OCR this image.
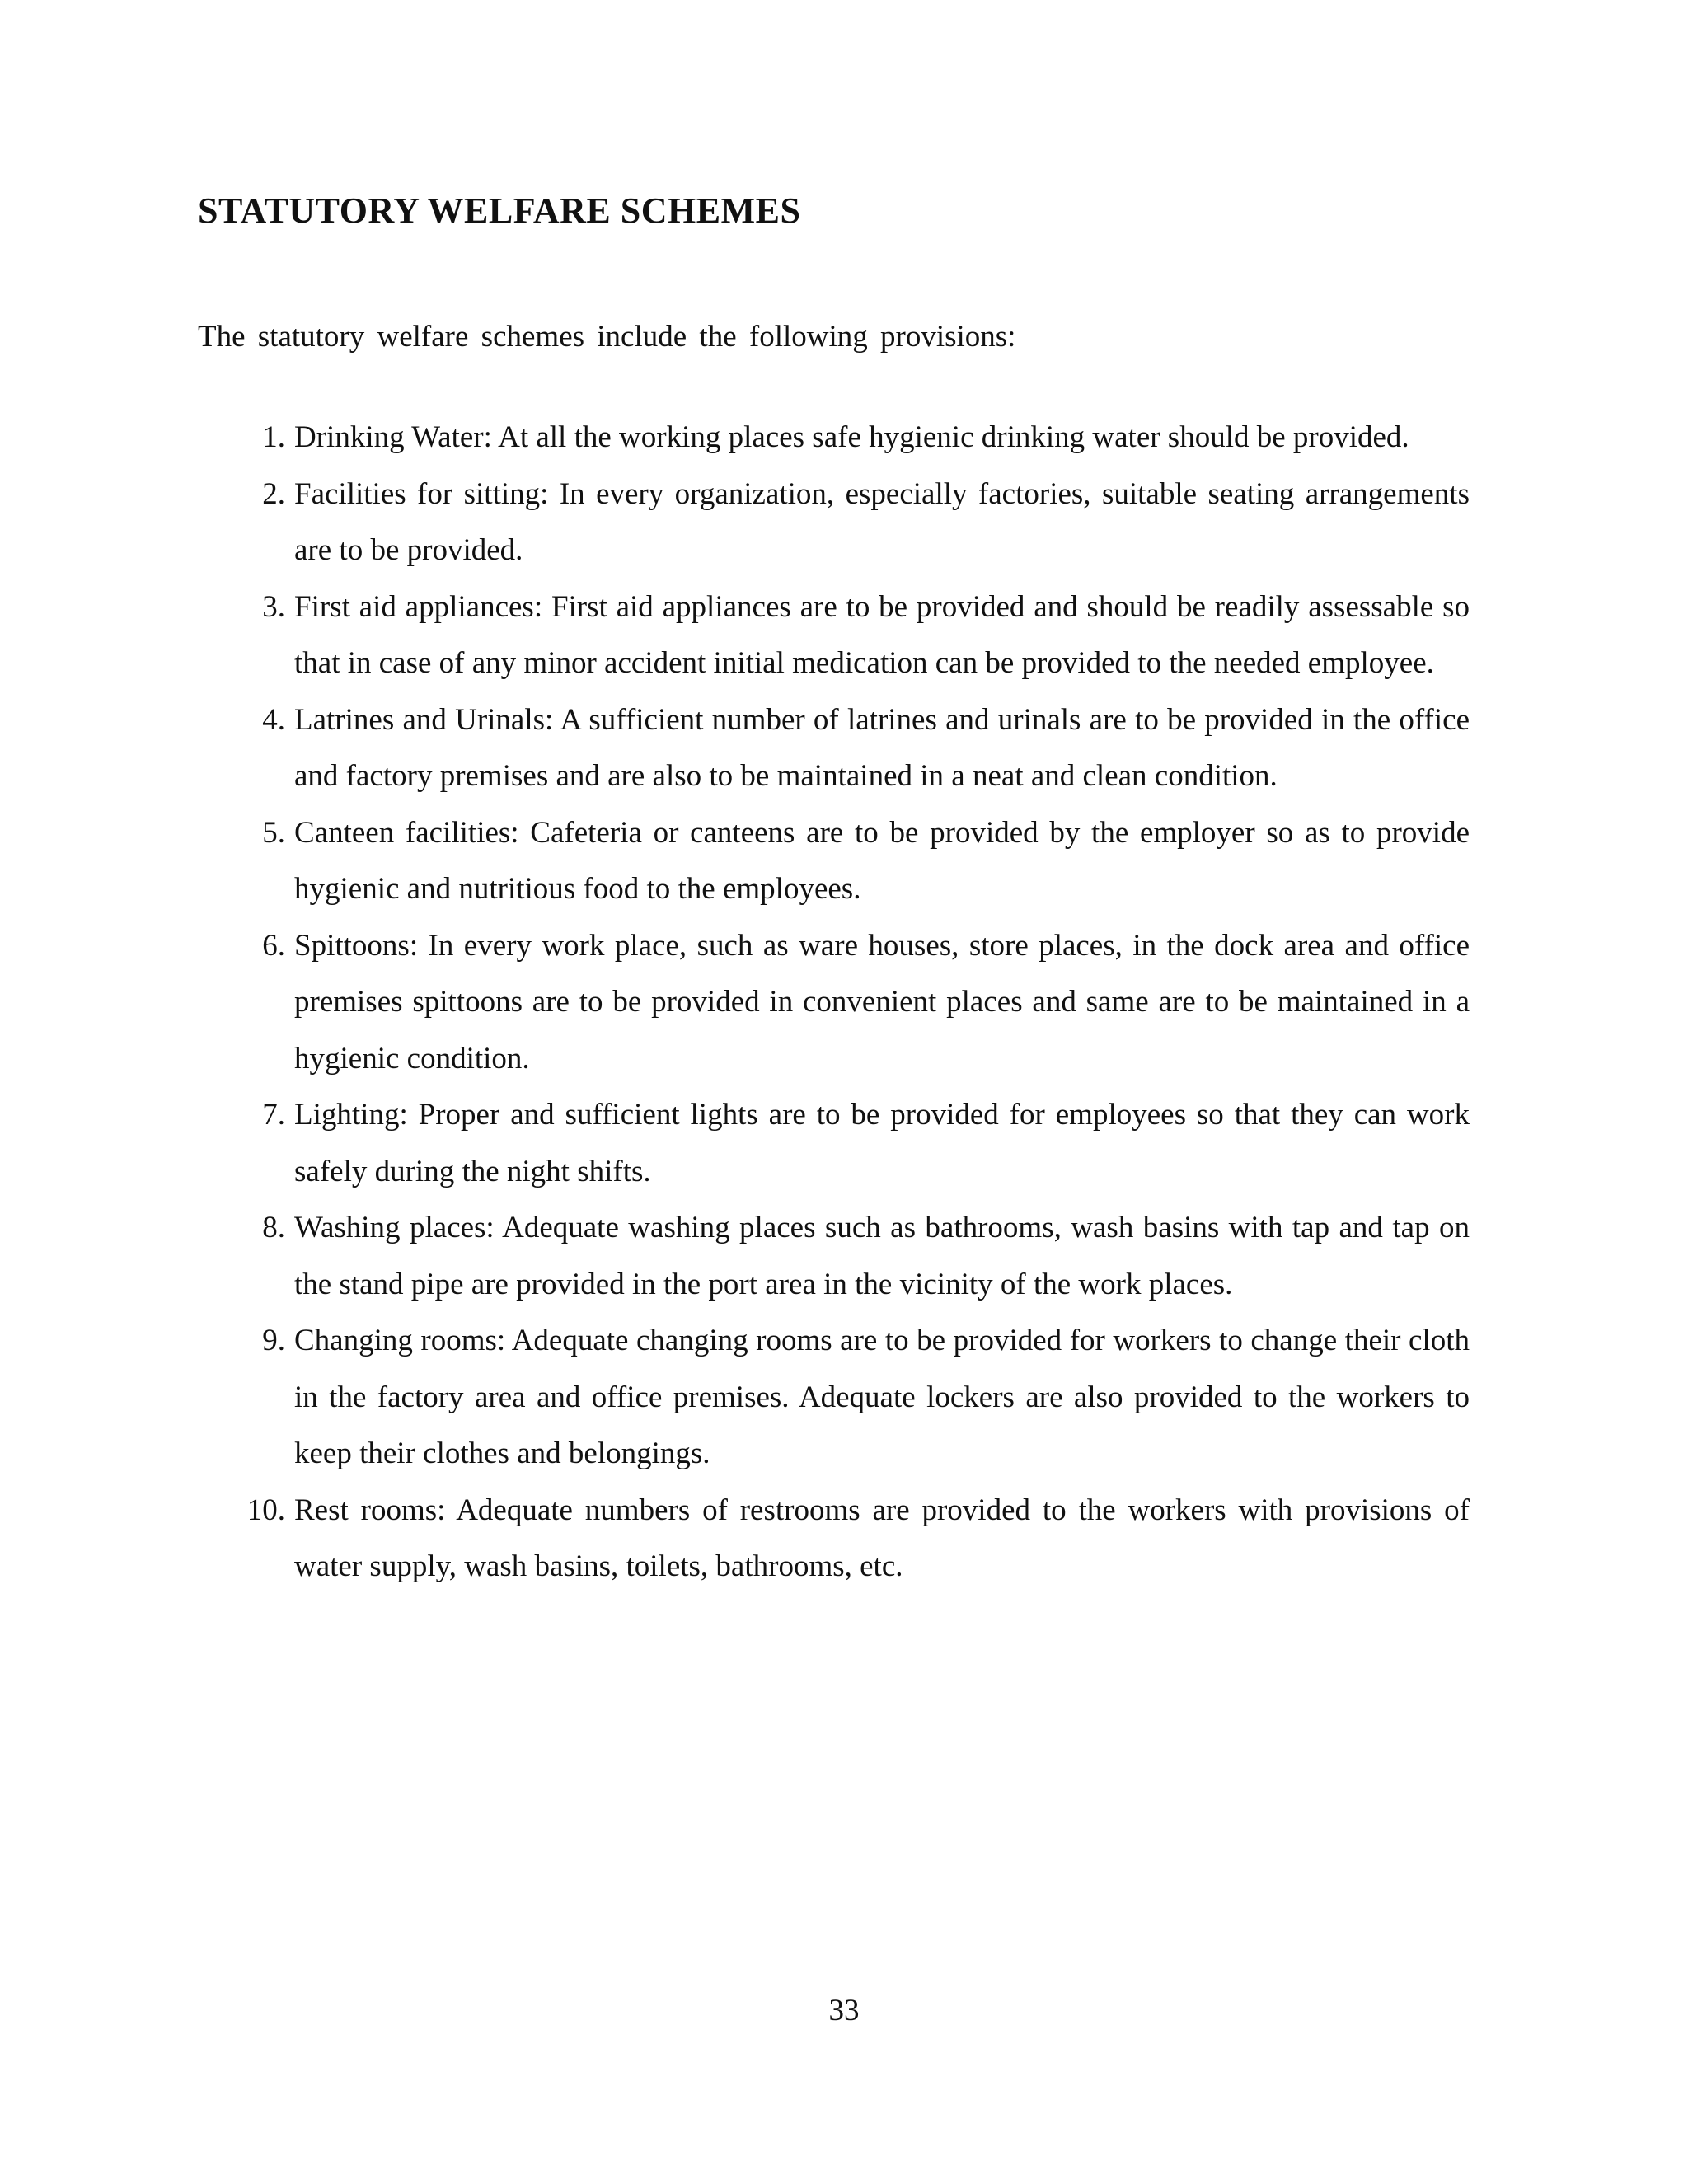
STATUTORY WELFARE SCHEMES

The statutory welfare schemes include the following provisions:

1. Drinking Water: At all the working places safe hygienic drinking water should be provided.
2. Facilities for sitting: In every organization, especially factories, suitable seating arrangements are to be provided.
3. First aid appliances: First aid appliances are to be provided and should be readily assessable so that in case of any minor accident initial medication can be provided to the needed employee.
4. Latrines and Urinals: A sufficient number of latrines and urinals are to be provided in the office and factory premises and are also to be maintained in a neat and clean condition.
5. Canteen facilities: Cafeteria or canteens are to be provided by the employer so as to provide hygienic and nutritious food to the employees.
6. Spittoons: In every work place, such as ware houses, store places, in the dock area and office premises spittoons are to be provided in convenient places and same are to be maintained in a hygienic condition.
7. Lighting: Proper and sufficient lights are to be provided for employees so that they can work safely during the night shifts.
8. Washing places: Adequate washing places such as bathrooms, wash basins with tap and tap on the stand pipe are provided in the port area in the vicinity of the work places.
9. Changing rooms: Adequate changing rooms are to be provided for workers to change their cloth in the factory area and office premises. Adequate lockers are also provided to the workers to keep their clothes and belongings.
10. Rest rooms: Adequate numbers of restrooms are provided to the workers with provisions of water supply, wash basins, toilets, bathrooms, etc.

33
